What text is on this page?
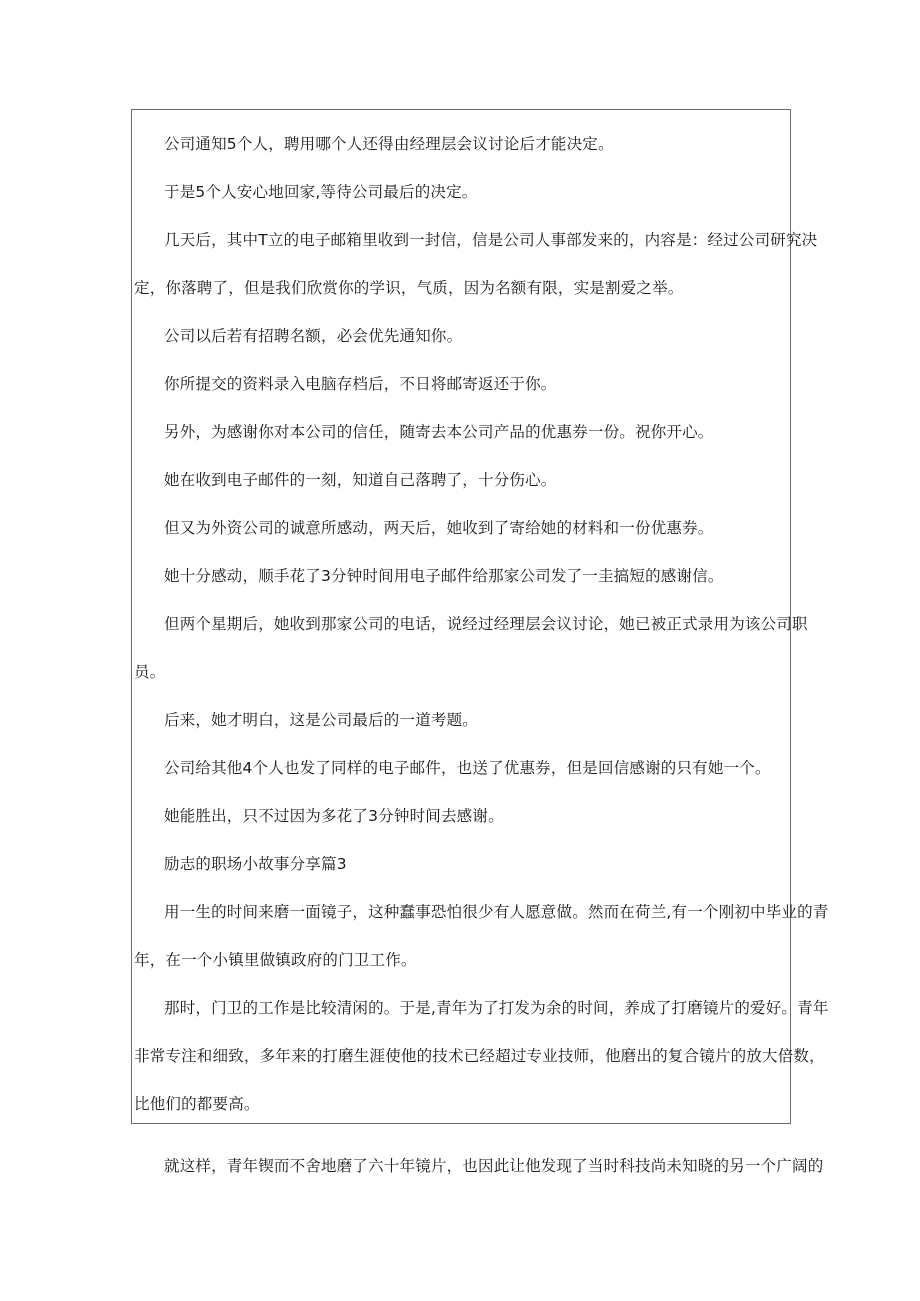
公司通知5个人，聘用哪个人还得由经理层会议讨论后才能决定。
于是5个人安心地回家,等待公司最后的决定。
几天后，其中T立的电子邮箱里收到一封信，信是公司人事部发来的，内容是：经过公司研究决
定，你落聘了，但是我们欣赏你的学识，气质，因为名额有限，实是割爱之举。
公司以后若有招聘名额，必会优先通知你。
你所提交的资料录入电脑存档后，不日将邮寄返还于你。
另外，为感谢你对本公司的信任，随寄去本公司产品的优惠券一份。祝你开心。
她在收到电子邮件的一刻，知道自己落聘了，十分伤心。
但又为外资公司的诚意所感动，两天后，她收到了寄给她的材料和一份优惠券。
她十分感动，顺手花了3分钟时间用电子邮件给那家公司发了一圭搞短的感谢信。
但两个星期后，她收到那家公司的电话，说经过经理层会议讨论，她已被正式录用为该公司职
员。
后来，她才明白，这是公司最后的一道考题。
公司给其他4个人也发了同样的电子邮件，也送了优惠券，但是回信感谢的只有她一个。
她能胜出，只不过因为多花了3分钟时间去感谢。
励志的职场小故事分享篇3
用一生的时间来磨一面镜子，这种蠢事恐怕很少有人愿意做。然而在荷兰,有一个刚初中毕业的青
年，在一个小镇里做镇政府的门卫工作。
那时，门卫的工作是比较清闲的。于是,青年为了打发为余的时间，养成了打磨镜片的爱好。青年
非常专注和细致，多年来的打磨生涯使他的技术已经超过专业技师，他磨出的复合镜片的放大倍数，
比他们的都要高。
就这样，青年锲而不舍地磨了六十年镜片，也因此让他发现了当时科技尚未知晓的另一个广阔的
